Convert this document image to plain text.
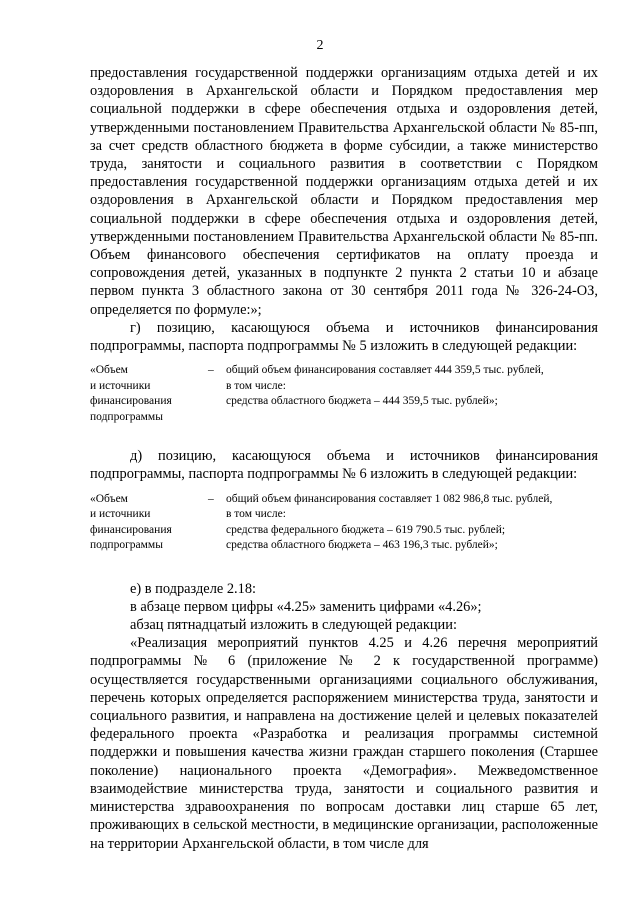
2

предоставления государственной поддержки организациям отдыха детей и их оздоровления в Архангельской области и Порядком предоставления мер социальной поддержки в сфере обеспечения отдыха и оздоровления детей, утвержденными постановлением Правительства Архангельской области № 85-пп, за счет средств областного бюджета в форме субсидии, а также министерство труда, занятости и социального развития в соответствии с Порядком предоставления государственной поддержки организациям отдыха детей и их оздоровления в Архангельской области и Порядком предоставления мер социальной поддержки в сфере обеспечения отдыха и оздоровления детей, утвержденными постановлением Правительства Архангельской области № 85-пп. Объем финансового обеспечения сертификатов на оплату проезда и сопровождения детей, указанных в подпункте 2 пункта 2 статьи 10 и абзаце первом пункта 3 областного закона от 30 сентября 2011 года № 326-24-ОЗ, определяется по формуле:»;

г) позицию, касающуюся объема и источников финансирования подпрограммы, паспорта подпрограммы № 5 изложить в следующей редакции:

«Объем
и источники
финансирования
подпрограммы
–	общий объем финансирования составляет 444 359,5 тыс. рублей,
в том числе:
средства областного бюджета – 444 359,5 тыс. рублей»;

д) позицию, касающуюся объема и источников финансирования подпрограммы, паспорта подпрограммы № 6 изложить в следующей редакции:

«Объем
и источники
финансирования
подпрограммы
–	общий объем финансирования составляет 1 082 986,8 тыс. рублей,
в том числе:
средства федерального бюджета – 619 790.5 тыс. рублей;
средства областного бюджета – 463 196,3 тыс. рублей»;

е) в подразделе 2.18:

в абзаце первом цифры «4.25» заменить цифрами «4.26»;

абзац пятнадцатый изложить в следующей редакции:

«Реализация мероприятий пунктов 4.25 и 4.26 перечня мероприятий подпрограммы № 6 (приложение № 2 к государственной программе) осуществляется государственными организациями социального обслуживания, перечень которых определяется распоряжением министерства труда, занятости и социального развития, и направлена на достижение целей и целевых показателей федерального проекта «Разработка и реализация программы системной поддержки и повышения качества жизни граждан старшего поколения (Старшее поколение) национального проекта «Демография». Межведомственное взаимодействие министерства труда, занятости и социального развития и министерства здравоохранения по вопросам доставки лиц старше 65 лет, проживающих в сельской местности, в медицинские организации, расположенные на территории Архангельской области, в том числе для
